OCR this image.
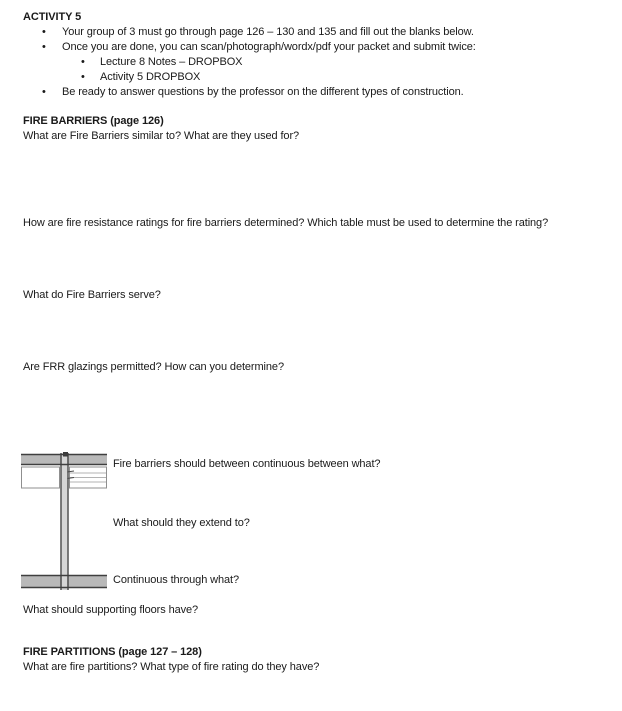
ACTIVITY 5
• Your group of 3 must go through page 126 – 130 and 135 and fill out the blanks below.
• Once you are done, you can scan/photograph/wordx/pdf your packet and submit twice:
• Lecture 8 Notes – DROPBOX
• Activity 5 DROPBOX
• Be ready to answer questions by the professor on the different types of construction.
FIRE BARRIERS (page 126)
What are Fire Barriers similar to? What are they used for?
How are fire resistance ratings for fire barriers determined? Which table must be used to determine the rating?
What do Fire Barriers serve?
Are FRR glazings permitted? How can you determine?
Fire barriers should between continuous between what?
What should they extend to?
Continuous through what?
What should supporting floors have?
FIRE PARTITIONS (page 127 – 128)
What are fire partitions? What type of fire rating do they have?
